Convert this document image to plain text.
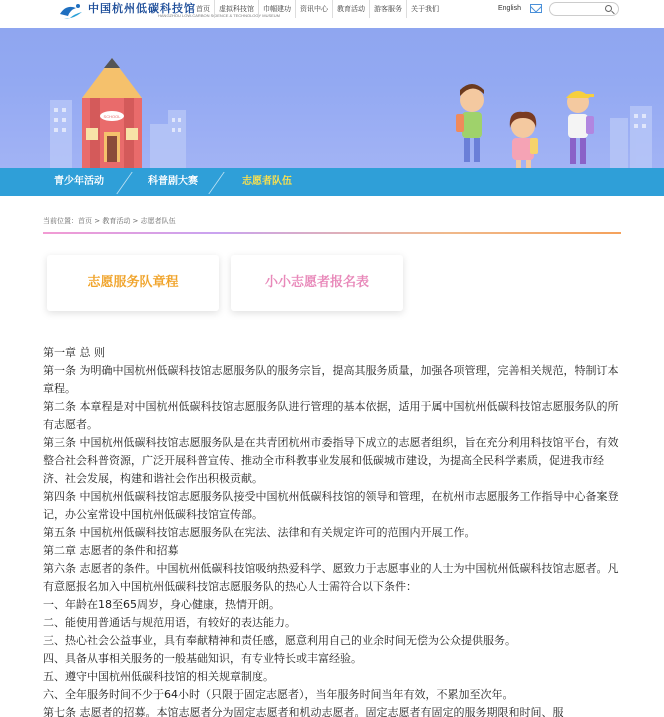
中国杭州低碳科技馆
HANGZHOU LOW-CARBON SCIENCE & TECHNOLOGY MUSEUM
首页	虚拟科技馆	巾帼建功	资讯中心	教育活动	游客服务	关于我们	English
SCHOOL
青少年活动	科普剧大赛	志愿者队伍
当前位置：首页 > 教育活动 > 志愿者队伍
志愿服务队章程	小小志愿者报名表

第一章 总 则

第一条 为明确中国杭州低碳科技馆志愿服务队的服务宗旨，提高其服务质量，加强各项管理，完善相关规范，特制订本章程。

第二条 本章程是对中国杭州低碳科技馆志愿服务队进行管理的基本依据，适用于属中国杭州低碳科技馆志愿服务队的所有志愿者。

第三条 中国杭州低碳科技馆志愿服务队是在共青团杭州市委指导下成立的志愿者组织，旨在充分利用科技馆平台，有效整合社会科普资源，广泛开展科普宣传、推动全市科教事业发展和低碳城市建设，为提高全民科学素质，促进我市经济、社会发展，构建和谐社会作出积极贡献。

第四条 中国杭州低碳科技馆志愿服务队接受中国杭州低碳科技馆的领导和管理，在杭州市志愿服务工作指导中心备案登记，办公室常设中国杭州低碳科技馆宣传部。

第五条 中国杭州低碳科技馆志愿服务队在宪法、法律和有关规定许可的范围内开展工作。

第二章 志愿者的条件和招募

第六条 志愿者的条件。中国杭州低碳科技馆吸纳热爱科学、愿致力于志愿事业的人士为中国杭州低碳科技馆志愿者。凡有意愿报名加入中国杭州低碳科技馆志愿服务队的热心人士需符合以下条件：

一、年龄在18至65周岁，身心健康，热情开朗。

二、能使用普通话与规范用语，有较好的表达能力。

三、热心社会公益事业，具有奉献精神和责任感，愿意利用自己的业余时间无偿为公众提供服务。

四、具备从事相关服务的一般基础知识，有专业特长或丰富经验。

五、遵守中国杭州低碳科技馆的相关规章制度。

六、全年服务时间不少于64小时（只限于固定志愿者），当年服务时间当年有效，不累加至次年。

第七条 志愿者的招募。本馆志愿者分为固定志愿者和机动志愿者。固定志愿者有固定的服务期限和时间、服
